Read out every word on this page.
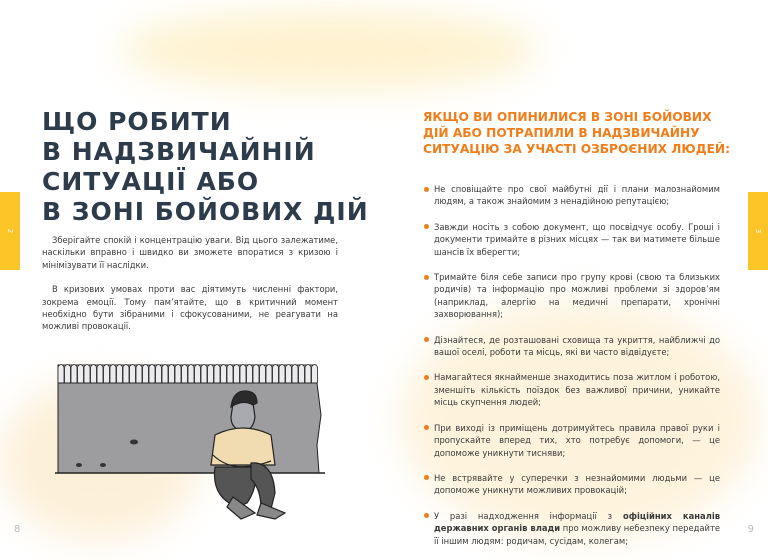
2	3
ЩО РОБИТИ
В НАДЗВИЧАЙНІЙ
СИТУАЦІЇ АБО
В ЗОНІ БОЙОВИХ ДІЙ

Зберігайте спокій і концентрацію уваги. Від цього залежатиме, наскільки вправно і швидко ви зможете впоратися з кризою і мінімізувати її наслідки.

В кризових умовах проти вас діятимуть численні фактори, зокрема емоції. Тому пам’ятайте, що в критичний момент необхідно бути зібраними і сфокусованими, не реагувати на можливі провокації.

ЯКЩО ВИ ОПИНИЛИСЯ В ЗОНІ БОЙОВИХ ДІЙ АБО ПОТРАПИЛИ В НАДЗВИЧАЙНУ СИТУАЦІЮ ЗА УЧАСТІ ОЗБРОЄНИХ ЛЮДЕЙ:
Не сповіщайте про свої майбутні дії і плани малознайомим людям, а також знайомим з ненадійною репутацією;
Завжди носіть з собою документ, що посвідчує особу. Гроші і документи тримайте в різних місцях — так ви матимете більше шансів їх вберегти;
Тримайте біля себе записи про групу крові (свою та близьких родичів) та інформацію про можливі проблеми зі здоров’ям (наприклад, алергію на медичні препарати, хронічні захворювання);
Дізнайтеся, де розташовані сховища та укриття, найближчі до вашої оселі, роботи та місць, які ви часто відвідуєте;
Намагайтеся якнайменше знаходитись поза житлом і роботою, зменшіть кількість поїздок без важливої причини, уникайте місць скупчення людей;
При виході із приміщень дотримуйтесь правила правої руки і пропускайте вперед тих, хто потребує допомоги, — це допоможе уникнути тисняви;
Не встрявайте у суперечки з незнайомими людьми — це допоможе уникнути можливих провокацій;
У разі надходження інформації з офіційних каналів державних органів влади про можливу небезпеку передайте її іншим людям: родичам, сусідам, колегам;
8	9
